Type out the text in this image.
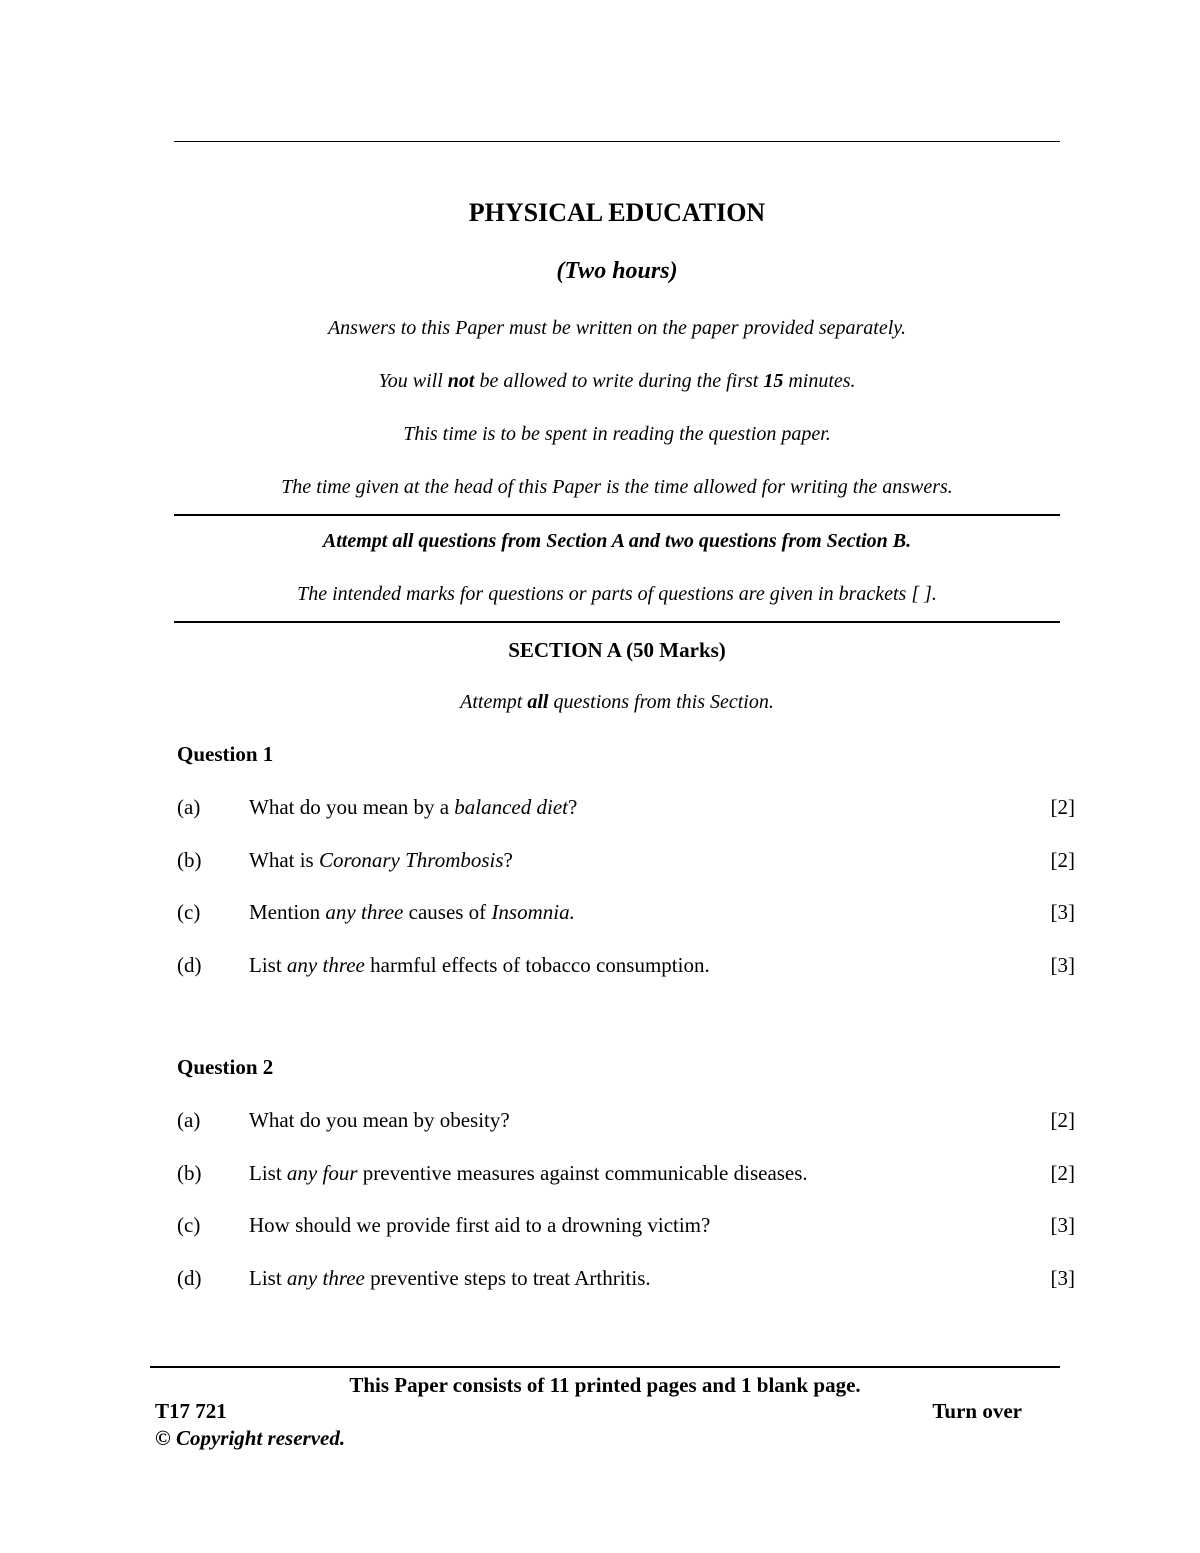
PHYSICAL EDUCATION
(Two hours)
Answers to this Paper must be written on the paper provided separately.
You will not be allowed to write during the first 15 minutes.
This time is to be spent in reading the question paper.
The time given at the head of this Paper is the time allowed for writing the answers.
Attempt all questions from Section A and two questions from Section B.
The intended marks for questions or parts of questions are given in brackets [ ].
SECTION A (50 Marks)
Attempt all questions from this Section.
Question 1
(a) What do you mean by a balanced diet?	[2]
(b) What is Coronary Thrombosis?	[2]
(c) Mention any three causes of Insomnia.	[3]
(d) List any three harmful effects of tobacco consumption.	[3]
Question 2
(a) What do you mean by obesity?	[2]
(b) List any four preventive measures against communicable diseases.	[2]
(c) How should we provide first aid to a drowning victim?	[3]
(d) List any three preventive steps to treat Arthritis.	[3]
This Paper consists of 11 printed pages and 1 blank page.
T17 721	Turn over
© Copyright reserved.
